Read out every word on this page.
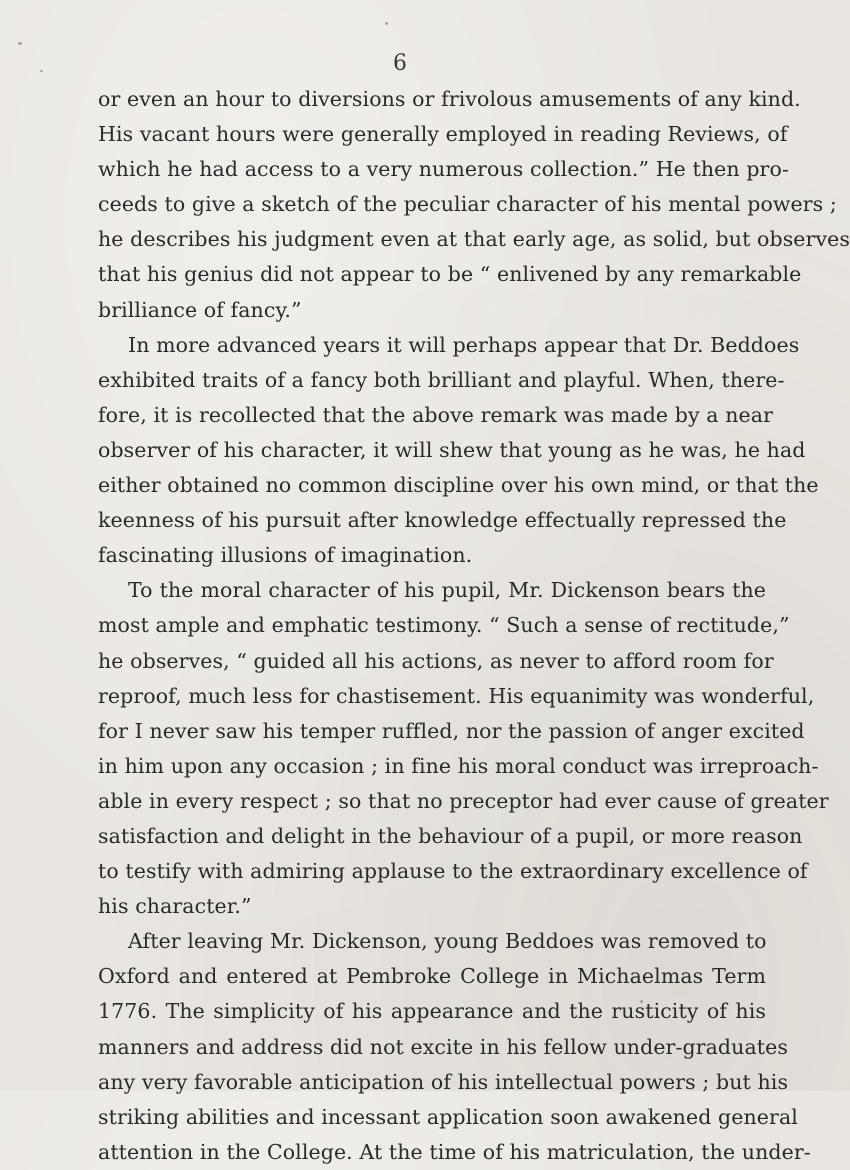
6
or even an hour to diversions or frivolous amusements of any kind.
His vacant hours were generally employed in reading Reviews, of
which he had access to a very numerous collection.” He then pro-
ceeds to give a sketch of the peculiar character of his mental powers ;
he describes his judgment even at that early age, as solid, but observes
that his genius did not appear to be “ enlivened by any remarkable
brilliance of fancy.”
In more advanced years it will perhaps appear that Dr. Beddoes
exhibited traits of a fancy both brilliant and playful. When, there-
fore, it is recollected that the above remark was made by a near
observer of his character, it will shew that young as he was, he had
either obtained no common discipline over his own mind, or that the
keenness of his pursuit after knowledge effectually repressed the
fascinating illusions of imagination.
To the moral character of his pupil, Mr. Dickenson bears the
most ample and emphatic testimony. “ Such a sense of rectitude,”
he observes, “ guided all his actions, as never to afford room for
reproof, much less for chastisement. His equanimity was wonderful,
for I never saw his temper ruffled, nor the passion of anger excited
in him upon any occasion ; in fine his moral conduct was irreproach-
able in every respect ; so that no preceptor had ever cause of greater
satisfaction and delight in the behaviour of a pupil, or more reason
to testify with admiring applause to the extraordinary excellence of
his character.”
After leaving Mr. Dickenson, young Beddoes was removed to
Oxford and entered at Pembroke College in Michaelmas Term
1776. The simplicity of his appearance and the rusticity of his
manners and address did not excite in his fellow under-graduates
any very favorable anticipation of his intellectual powers ; but his
striking abilities and incessant application soon awakened general
attention in the College. At the time of his matriculation, the under-
